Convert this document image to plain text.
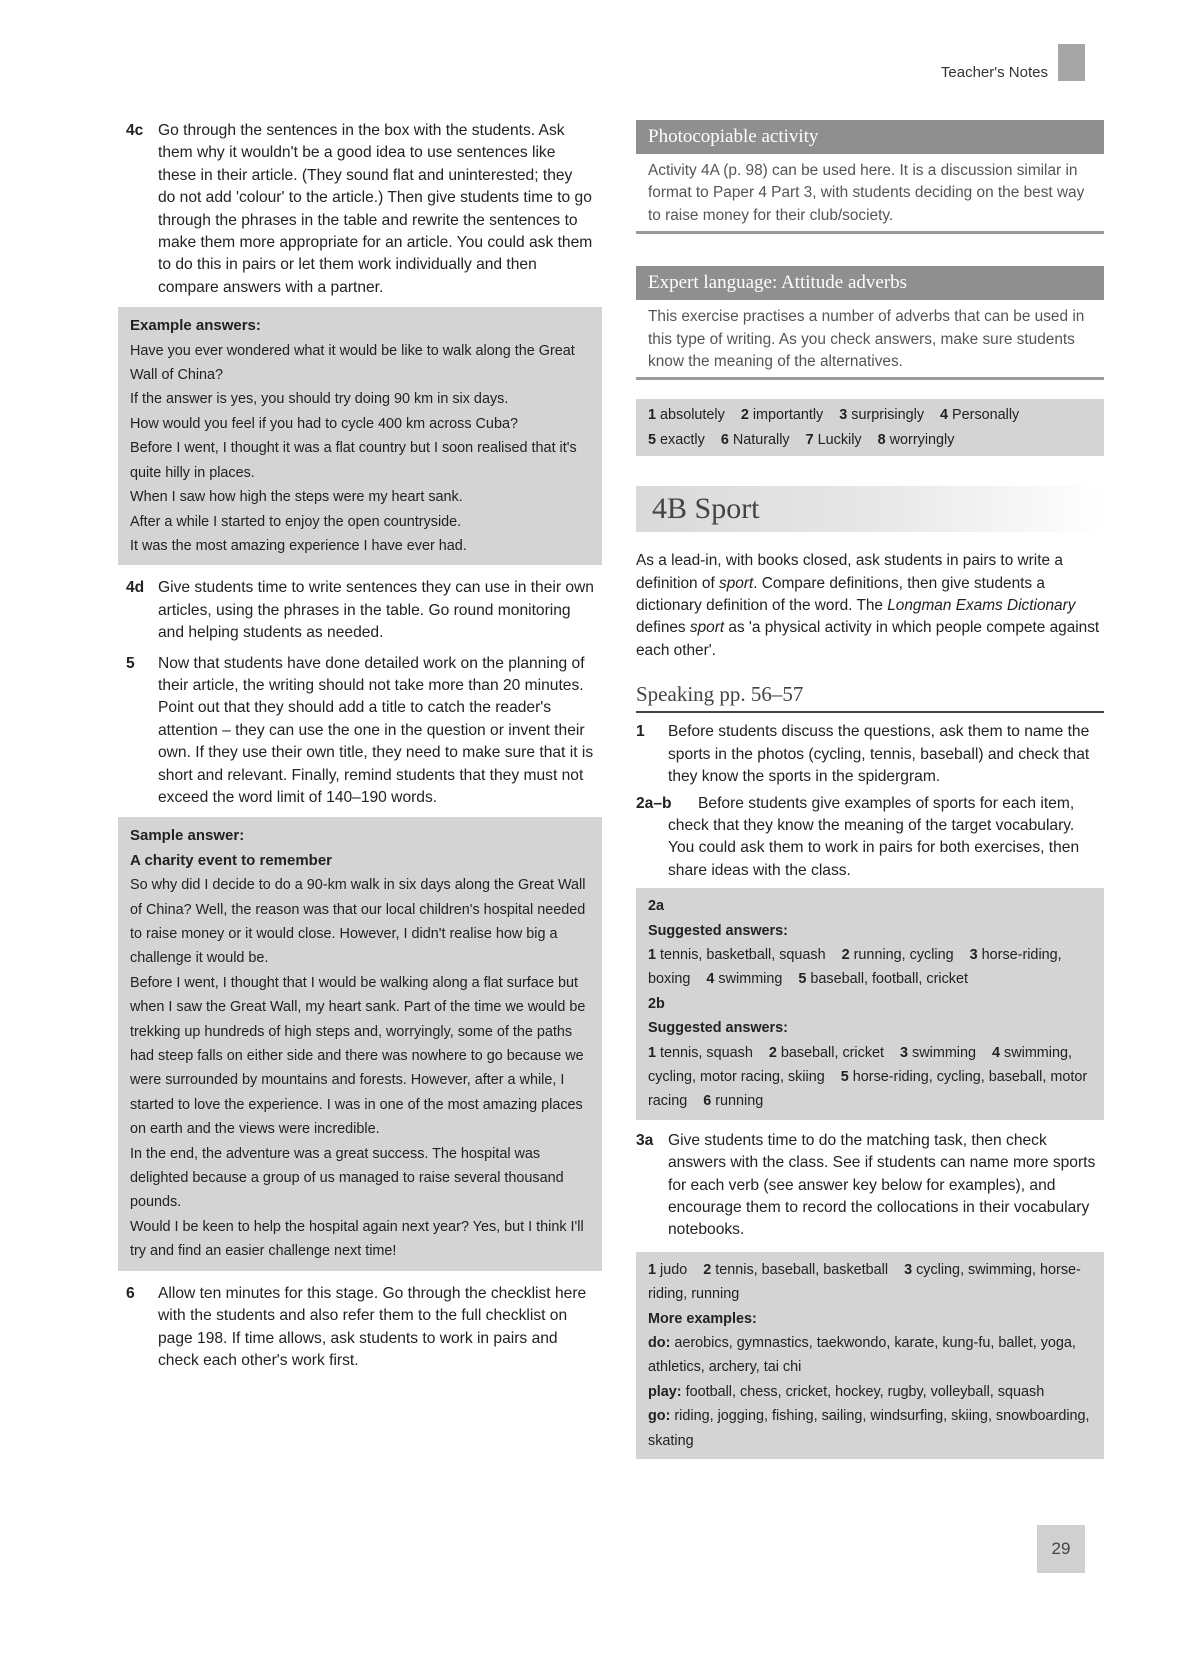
Teacher's Notes
4c Go through the sentences in the box with the students. Ask them why it wouldn't be a good idea to use sentences like these in their article. (They sound flat and uninterested; they do not add 'colour' to the article.) Then give students time to go through the phrases in the table and rewrite the sentences to make them more appropriate for an article. You could ask them to do this in pairs or let them work individually and then compare answers with a partner.
Example answers:
Have you ever wondered what it would be like to walk along the Great Wall of China?
If the answer is yes, you should try doing 90 km in six days.
How would you feel if you had to cycle 400 km across Cuba?
Before I went, I thought it was a flat country but I soon realised that it's quite hilly in places.
When I saw how high the steps were my heart sank.
After a while I started to enjoy the open countryside.
It was the most amazing experience I have ever had.
4d Give students time to write sentences they can use in their own articles, using the phrases in the table. Go round monitoring and helping students as needed.
5	Now that students have done detailed work on the planning of their article, the writing should not take more than 20 minutes. Point out that they should add a title to catch the reader's attention – they can use the one in the question or invent their own. If they use their own title, they need to make sure that it is short and relevant. Finally, remind students that they must not exceed the word limit of 140–190 words.
Sample answer:
A charity event to remember
So why did I decide to do a 90-km walk in six days along the Great Wall of China? Well, the reason was that our local children's hospital needed to raise money or it would close. However, I didn't realise how big a challenge it would be.
Before I went, I thought that I would be walking along a flat surface but when I saw the Great Wall, my heart sank. Part of the time we would be trekking up hundreds of high steps and, worryingly, some of the paths had steep falls on either side and there was nowhere to go because we were surrounded by mountains and forests. However, after a while, I started to love the experience. I was in one of the most amazing places on earth and the views were incredible.
In the end, the adventure was a great success. The hospital was delighted because a group of us managed to raise several thousand pounds.
Would I be keen to help the hospital again next year? Yes, but I think I'll try and find an easier challenge next time!
6	Allow ten minutes for this stage. Go through the checklist here with the students and also refer them to the full checklist on page 198. If time allows, ask students to work in pairs and check each other's work first.
Photocopiable activity
Activity 4A (p. 98) can be used here. It is a discussion similar in format to Paper 4 Part 3, with students deciding on the best way to raise money for their club/society.
Expert language: Attitude adverbs
This exercise practises a number of adverbs that can be used in this type of writing. As you check answers, make sure students know the meaning of the alternatives.
1 absolutely 2 importantly 3 surprisingly 4 Personally
5 exactly 6 Naturally 7 Luckily 8 worryingly
4B Sport
As a lead-in, with books closed, ask students in pairs to write a definition of sport. Compare definitions, then give students a dictionary definition of the word. The Longman Exams Dictionary defines sport as 'a physical activity in which people compete against each other'.
Speaking pp. 56–57
1	Before students discuss the questions, ask them to name the sports in the photos (cycling, tennis, baseball) and check that they know the sports in the spidergram.
2a–b Before students give examples of sports for each item, check that they know the meaning of the target vocabulary. You could ask them to work in pairs for both exercises, then share ideas with the class.
2a
Suggested answers:
1 tennis, basketball, squash 2 running, cycling 3 horse-riding, boxing 4 swimming 5 baseball, football, cricket
2b
Suggested answers:
1 tennis, squash 2 baseball, cricket 3 swimming 4 swimming, cycling, motor racing, skiing 5 horse-riding, cycling, baseball, motor racing 6 running
3a Give students time to do the matching task, then check answers with the class. See if students can name more sports for each verb (see answer key below for examples), and encourage them to record the collocations in their vocabulary notebooks.
1 judo 2 tennis, baseball, basketball 3 cycling, swimming, horse-riding, running
More examples:
do: aerobics, gymnastics, taekwondo, karate, kung-fu, ballet, yoga, athletics, archery, tai chi
play: football, chess, cricket, hockey, rugby, volleyball, squash
go: riding, jogging, fishing, sailing, windsurfing, skiing, snowboarding, skating
29
